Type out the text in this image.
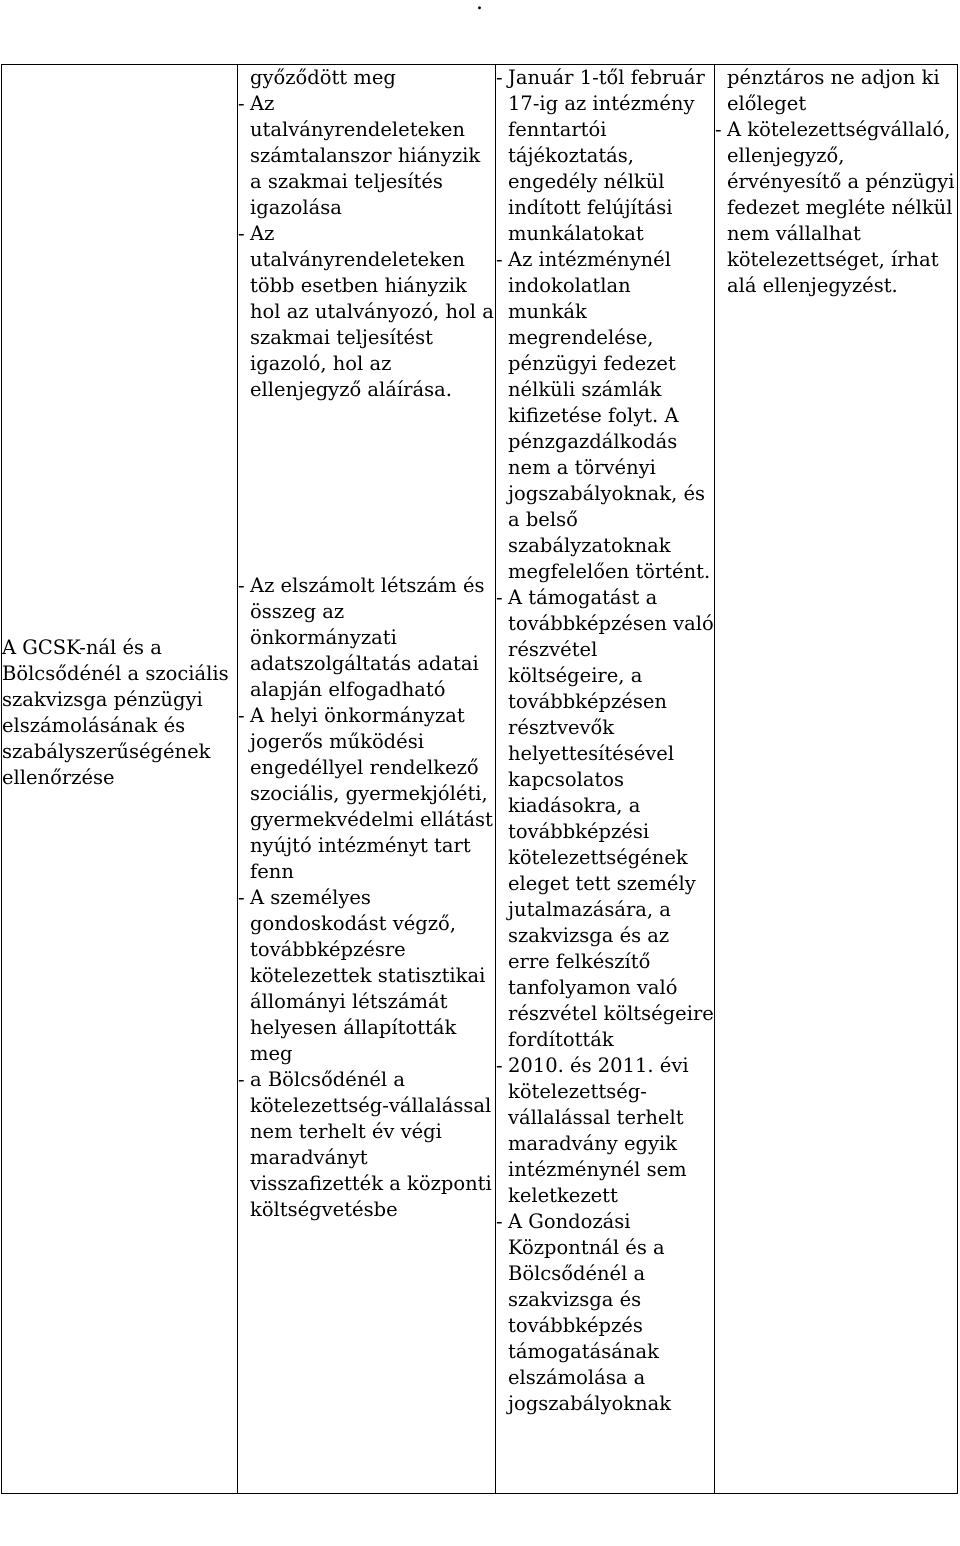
.
A GCSK-nál és a Bölcsődénél a szociális szakvizsga pénzügyi elszámolásának és szabályszerűségének ellenőrzése

győződött meg
- Az utalványrendeleteken számtalanszor hiányzik a szakmai teljesítés igazolása
- Az utalványrendeleteken több esetben hiányzik hol az utalványozó, hol a szakmai teljesítést igazoló, hol az ellenjegyző aláírása.
- Az elszámolt létszám és összeg az önkormányzati adatszolgáltatás adatai alapján elfogadható
- A helyi önkormányzat jogerős működési engedéllyel rendelkező szociális, gyermekjóléti, gyermekvédelmi ellátást nyújtó intézményt tart fenn
- A személyes gondoskodást végző, továbbképzésre kötelezettek statisztikai állományi létszámát helyesen állapították meg
- a Bölcsődénél a kötelezettség-vállalással nem terhelt év végi maradványt visszafizették a központi költségvetésbe

- Január 1-től február 17-ig az intézmény fenntartói tájékoztatás, engedély nélkül indított felújítási munkálatokat
- Az intézménynél indokolatlan munkák megrendelése, pénzügyi fedezet nélküli számlák kifizetése folyt. A pénzgazdálkodás nem a törvényi jogszabályoknak, és a belső szabályzatoknak megfelelően történt.
- A támogatást a továbbképzésen való részvétel költségeire, a továbbképzésen résztvevők helyettesítésével kapcsolatos kiadásokra, a továbbképzési kötelezettségének eleget tett személy jutalmazására, a szakvizsga és az erre felkészítő tanfolyamon való részvétel költségeire fordították
- 2010. és 2011. évi kötelezettség-vállalással terhelt maradvány egyik intézménynél sem keletkezett
- A Gondozási Központnál és a Bölcsődénél a szakvizsga és továbbképzés támogatásának elszámolása a jogszabályoknak

pénztáros ne adjon ki előleget
- A kötelezettségvállaló, ellenjegyző, érvényesítő a pénzügyi fedezet megléte nélkül nem vállalhat kötelezettséget, írhat alá ellenjegyzést.
